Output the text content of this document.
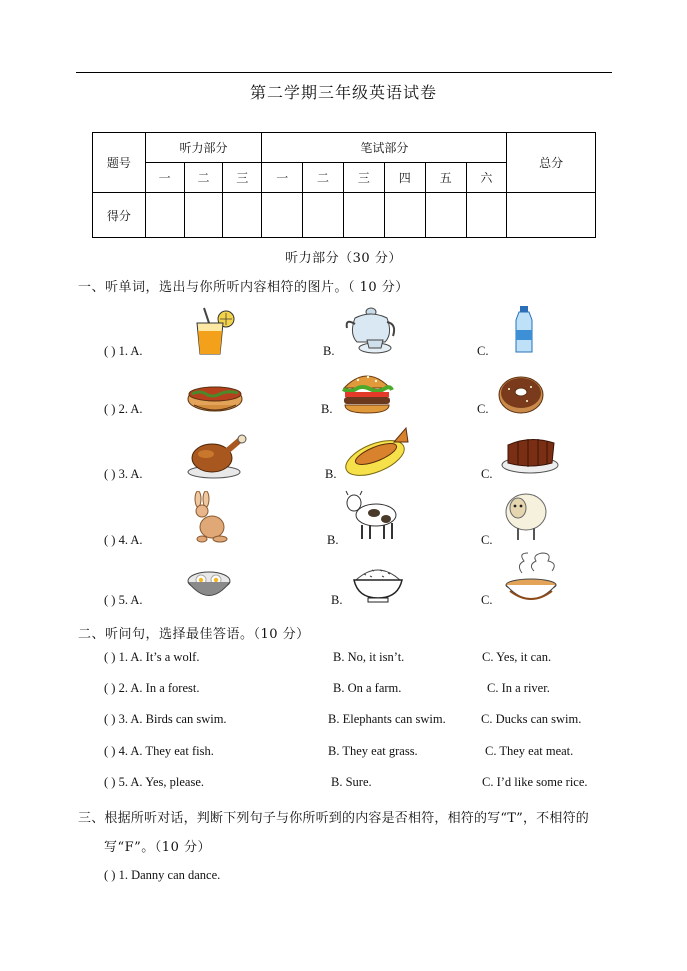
第二学期三年级英语试卷
题号	听力部分			笔试部分						总分
	一	二	三	一	二	三	四	五	六	
得分										
听力部分（30 分）
一、听单词，选出与你所听内容相符的图片。（ 10 分）
( ) 1. A.	B.	C.
( ) 2. A.	B.	C.
( ) 3. A.	B.	C.
( ) 4. A.	B.	C.
( ) 5. A.	B.	C.
二、听问句，选择最佳答语。（10 分）
( ) 1. A. It’s a wolf.	B. No, it isn’t.	C. Yes, it can.
( ) 2. A. In a forest.	B. On a farm.	C. In a river.
( ) 3. A. Birds can swim.	B. Elephants can swim.	C. Ducks can swim.
( ) 4. A. They eat fish.	B. They eat grass.	C. They eat meat.
( ) 5. A. Yes, please.	B. Sure.	C. I’d like some rice.
三、根据所听对话，判断下列句子与你所听到的内容是否相符，相符的写“T”，不相符的
写“F”。（10 分）
( ) 1. Danny can dance.
